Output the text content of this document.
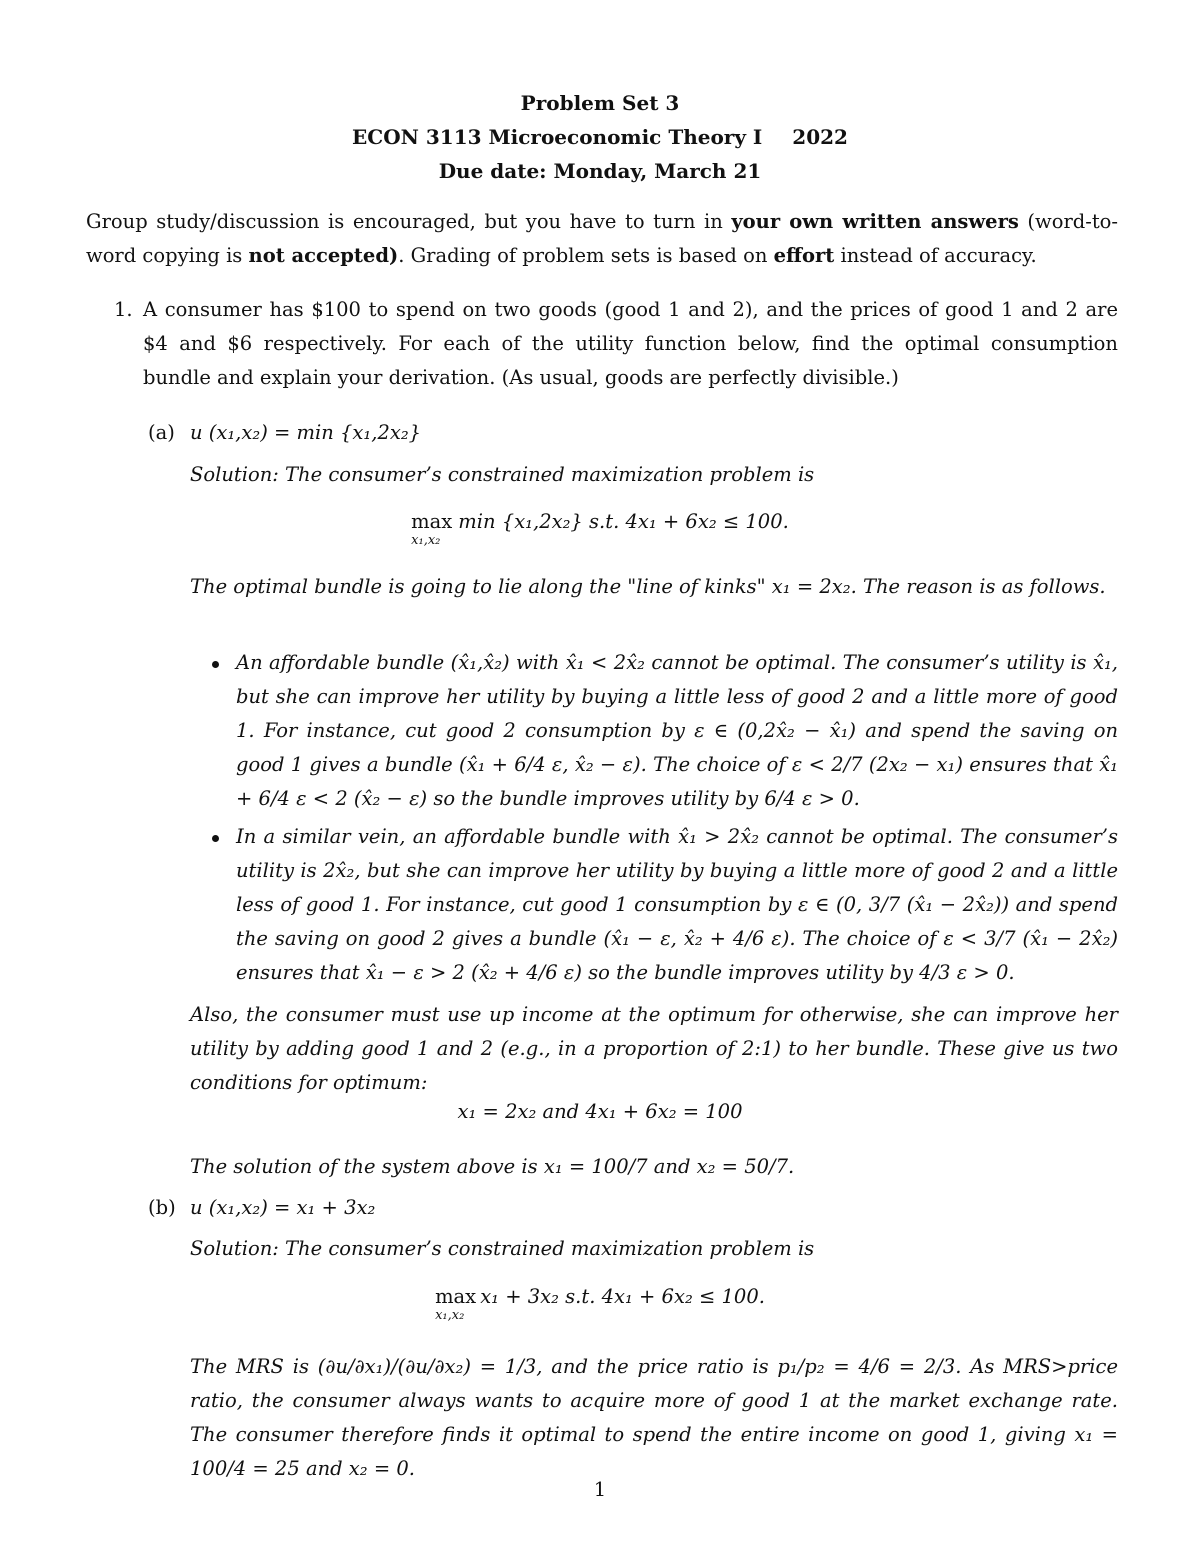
Problem Set 3
ECON 3113 Microeconomic Theory I 2022
Due date: Monday, March 21

Group study/discussion is encouraged, but you have to turn in your own written answers (word-to-word copying is not accepted). Grading of problem sets is based on effort instead of accuracy.

1. A consumer has $100 to spend on two goods (good 1 and 2), and the prices of good 1 and 2 are $4 and $6 respectively. For each of the utility function below, find the optimal consumption bundle and explain your derivation. (As usual, goods are perfectly divisible.)

(a) u (x₁,x₂) = min {x₁,2x₂}

Solution: The consumer’s constrained maximization problem is

max
x₁,x₂
min {x₁,2x₂} s.t. 4x₁ + 6x₂ ≤ 100.

The optimal bundle is going to lie along the "line of kinks" x₁ = 2x₂. The reason is as follows.

An affordable bundle (x̂₁,x̂₂) with x̂₁ < 2x̂₂ cannot be optimal. The consumer’s utility is x̂₁, but she can improve her utility by buying a little less of good 2 and a little more of good 1. For instance, cut good 2 consumption by ε ∈ (0,2x̂₂ − x̂₁) and spend the saving on good 1 gives a bundle (x̂₁ + 6/4 ε, x̂₂ − ε). The choice of ε < 2/7 (2x₂ − x₁) ensures that x̂₁ + 6/4 ε < 2 (x̂₂ − ε) so the bundle improves utility by 6/4 ε > 0.
In a similar vein, an affordable bundle with x̂₁ > 2x̂₂ cannot be optimal. The consumer’s utility is 2x̂₂, but she can improve her utility by buying a little more of good 2 and a little less of good 1. For instance, cut good 1 consumption by ε ∈ (0, 3/7 (x̂₁ − 2x̂₂)) and spend the saving on good 2 gives a bundle (x̂₁ − ε, x̂₂ + 4/6 ε). The choice of ε < 3/7 (x̂₁ − 2x̂₂) ensures that x̂₁ − ε > 2 (x̂₂ + 4/6 ε) so the bundle improves utility by 4/3 ε > 0.

Also, the consumer must use up income at the optimum for otherwise, she can improve her utility by adding good 1 and 2 (e.g., in a proportion of 2:1) to her bundle. These give us two conditions for optimum:

x₁ = 2x₂ and 4x₁ + 6x₂ = 100

The solution of the system above is x₁ = 100/7 and x₂ = 50/7.

(b) u (x₁,x₂) = x₁ + 3x₂

Solution: The consumer’s constrained maximization problem is

max
x₁,x₂
x₁ + 3x₂ s.t. 4x₁ + 6x₂ ≤ 100.

The MRS is (∂u/∂x₁)/(∂u/∂x₂) = 1/3, and the price ratio is p₁/p₂ = 4/6 = 2/3. As MRS>price ratio, the consumer always wants to acquire more of good 1 at the market exchange rate. The consumer therefore finds it optimal to spend the entire income on good 1, giving x₁ = 100/4 = 25 and x₂ = 0.

1
